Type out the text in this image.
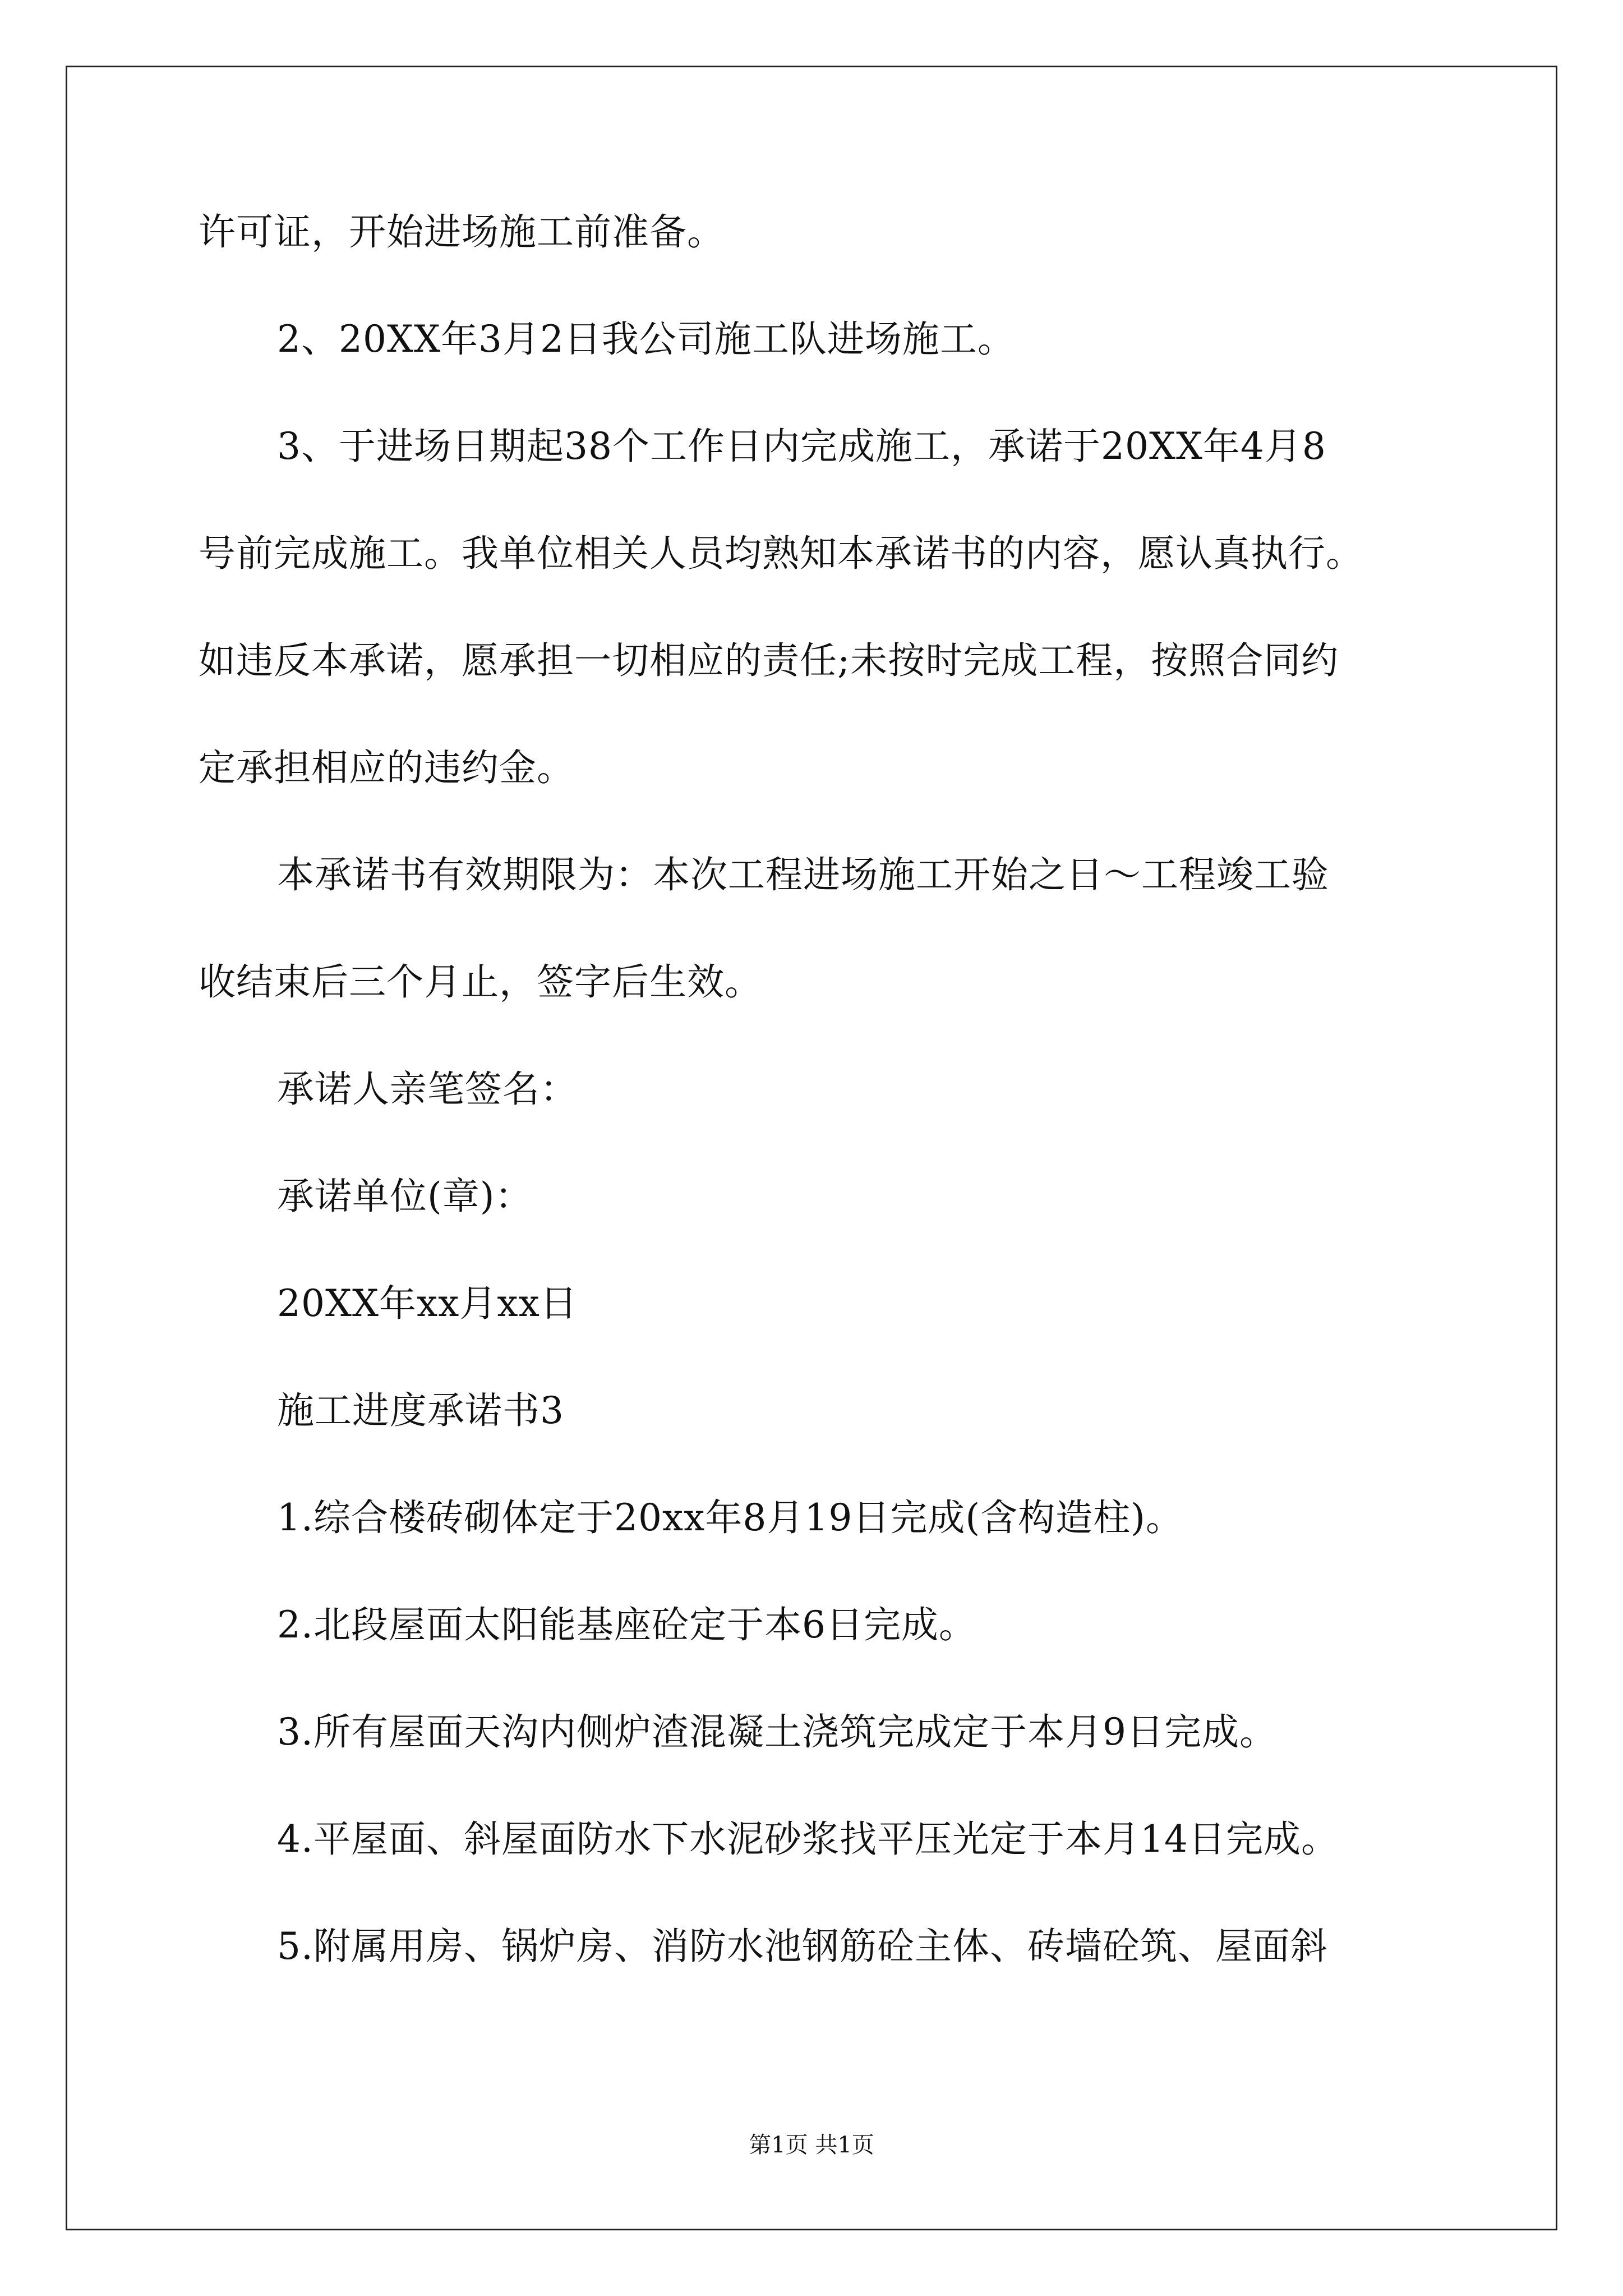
许可证，开始进场施工前准备。
2、20XX年3月2日我公司施工队进场施工。
3、于进场日期起38个工作日内完成施工，承诺于20XX年4月8
号前完成施工。我单位相关人员均熟知本承诺书的内容，愿认真执行。
如违反本承诺，愿承担一切相应的责任;未按时完成工程，按照合同约
定承担相应的违约金。
本承诺书有效期限为：本次工程进场施工开始之日～工程竣工验
收结束后三个月止，签字后生效。
承诺人亲笔签名：
承诺单位(章)：
20XX年xx月xx日
施工进度承诺书3
1.综合楼砖砌体定于20xx年8月19日完成(含构造柱)。
2.北段屋面太阳能基座砼定于本6日完成。
3.所有屋面天沟内侧炉渣混凝土浇筑完成定于本月9日完成。
4.平屋面、斜屋面防水下水泥砂浆找平压光定于本月14日完成。
5.附属用房、锅炉房、消防水池钢筋砼主体、砖墙砼筑、屋面斜
第1页 共1页
